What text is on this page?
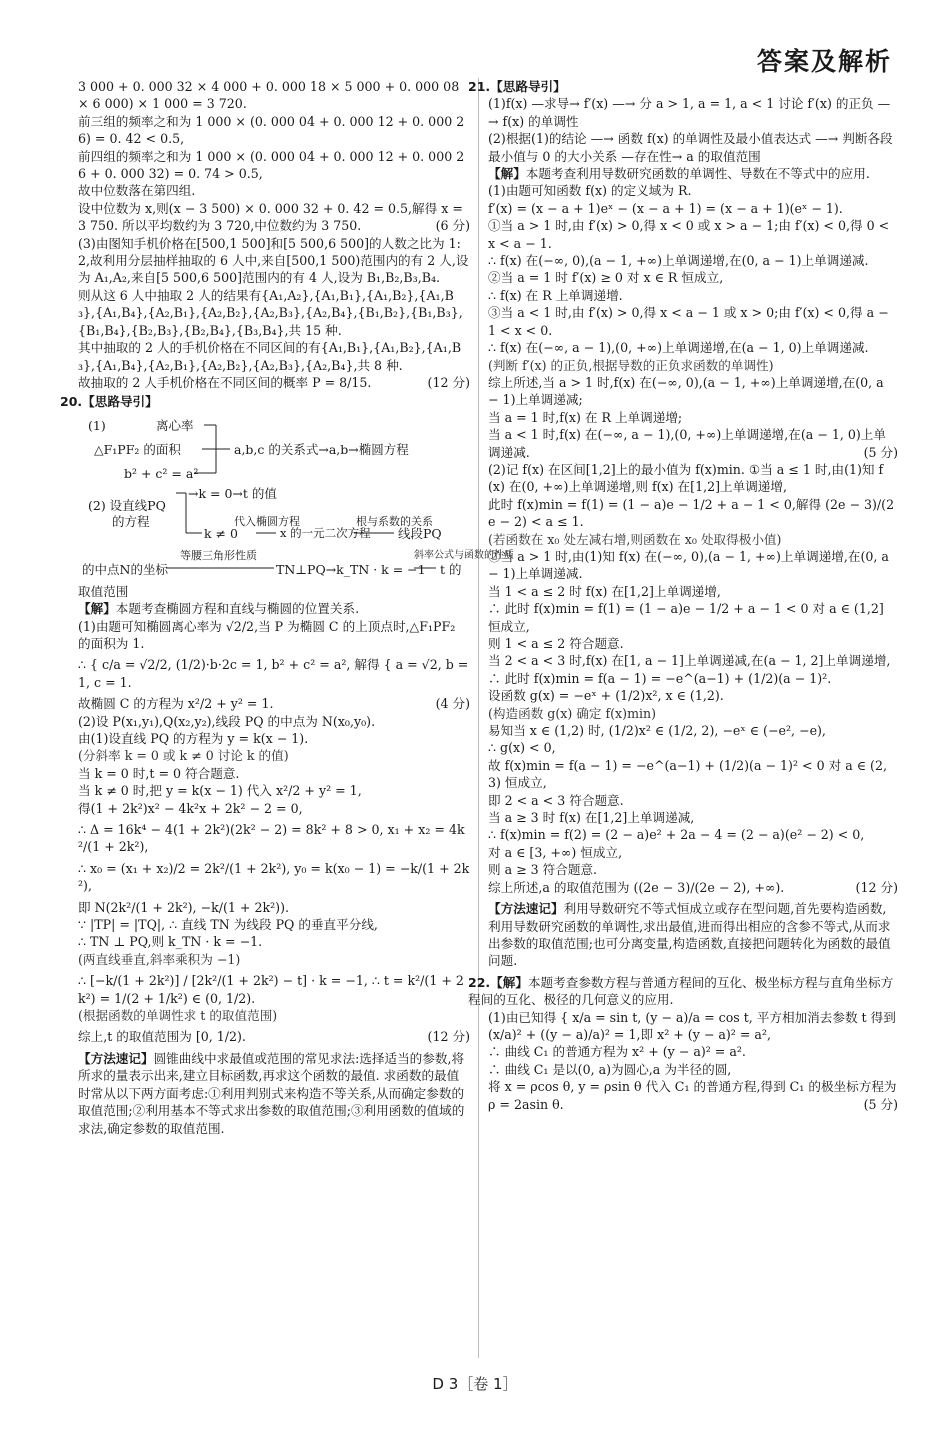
答案及解析

3 000 + 0. 000 32 × 4 000 + 0. 000 18 × 5 000 + 0. 000 08 × 6 000) × 1 000 = 3 720.

前三组的频率之和为 1 000 × (0. 000 04 + 0. 000 12 + 0. 000 26) = 0. 42 < 0.5,

前四组的频率之和为 1 000 × (0. 000 04 + 0. 000 12 + 0. 000 26 + 0. 000 32) = 0. 74 > 0.5,

故中位数落在第四组.

设中位数为 x,则(x − 3 500) × 0. 000 32 + 0. 42 = 0.5,解得 x = 3 750. 所以平均数约为 3 720,中位数约为 3 750.	(6 分)

(3)由图知手机价格在[500,1 500]和[5 500,6 500]的人数之比为 1:2,故利用分层抽样抽取的 6 人中,来自[500,1 500)范围内的有 2 人,设为 A₁,A₂,来自[5 500,6 500]范围内的有 4 人,设为 B₁,B₂,B₃,B₄.

则从这 6 人中抽取 2 人的结果有{A₁,A₂},{A₁,B₁},{A₁,B₂},{A₁,B₃},{A₁,B₄},{A₂,B₁},{A₂,B₂},{A₂,B₃},{A₂,B₄},{B₁,B₂},{B₁,B₃},{B₁,B₄},{B₂,B₃},{B₂,B₄},{B₃,B₄},共 15 种.

其中抽取的 2 人的手机价格在不同区间的有{A₁,B₁},{A₁,B₂},{A₁,B₃},{A₁,B₄},{A₂,B₁},{A₂,B₂},{A₂,B₃},{A₂,B₄},共 8 种.

故抽取的 2 人手机价格在不同区间的概率 P = 8/15.	(12 分)

20.【思路导引】

(1)	离心率
△F₁PF₂ 的面积	a,b,c 的关系式→a,b→椭圆方程
b² + c² = a²
→k = 0→t 的值
(2) 设直线PQ
的方程
k ≠ 0
代入椭圆方程
x 的一元二次方程
根与系数的关系
线段PQ
的中点N的坐标
等腰三角形性质
TN⊥PQ→k_TN · k = −1
斜率公式与函数的性质
t 的

取值范围

【解】本题考查椭圆方程和直线与椭圆的位置关系.

(1)由题可知椭圆离心率为 √2/2,当 P 为椭圆 C 的上顶点时,△F₁PF₂ 的面积为 1.

∴ { c/a = √2/2, (1/2)·b·2c = 1, b² + c² = a², 解得 { a = √2, b = 1, c = 1.

故椭圆 C 的方程为 x²/2 + y² = 1.	(4 分)

(2)设 P(x₁,y₁),Q(x₂,y₂),线段 PQ 的中点为 N(x₀,y₀).

由(1)设直线 PQ 的方程为 y = k(x − 1).

(分斜率 k = 0 或 k ≠ 0 讨论 k 的值)

当 k = 0 时,t = 0 符合题意.

当 k ≠ 0 时,把 y = k(x − 1) 代入 x²/2 + y² = 1,

得(1 + 2k²)x² − 4k²x + 2k² − 2 = 0,

∴ Δ = 16k⁴ − 4(1 + 2k²)(2k² − 2) = 8k² + 8 > 0, x₁ + x₂ = 4k²/(1 + 2k²),

∴ x₀ = (x₁ + x₂)/2 = 2k²/(1 + 2k²), y₀ = k(x₀ − 1) = −k/(1 + 2k²),

即 N(2k²/(1 + 2k²), −k/(1 + 2k²)).

∵ |TP| = |TQ|, ∴ 直线 TN 为线段 PQ 的垂直平分线,

∴ TN ⊥ PQ,则 k_TN · k = −1.

(两直线垂直,斜率乘积为 −1)

∴ [−k/(1 + 2k²)] / [2k²/(1 + 2k²) − t] · k = −1, ∴ t = k²/(1 + 2k²) = 1/(2 + 1/k²) ∈ (0, 1/2).

(根据函数的单调性求 t 的取值范围)

综上,t 的取值范围为 [0, 1/2).	(12 分)

【方法速记】圆锥曲线中求最值或范围的常见求法:选择适当的参数,将所求的量表示出来,建立目标函数,再求这个函数的最值. 求函数的最值时常从以下两方面考虑:①利用判别式来构造不等关系,从而确定参数的取值范围;②利用基本不等式求出参数的取值范围;③利用函数的值域的求法,确定参数的取值范围.

21.【思路导引】

(1)f(x) —求导→ f′(x) —→ 分 a > 1, a = 1, a < 1 讨论 f′(x) 的正负 —→ f(x) 的单调性

(2)根据(1)的结论 —→ 函数 f(x) 的单调性及最小值表达式 —→ 判断各段最小值与 0 的大小关系 —存在性→ a 的取值范围

【解】本题考查利用导数研究函数的单调性、导数在不等式中的应用.

(1)由题可知函数 f(x) 的定义域为 R.

f′(x) = (x − a + 1)eˣ − (x − a + 1) = (x − a + 1)(eˣ − 1).

①当 a > 1 时,由 f′(x) > 0,得 x < 0 或 x > a − 1;由 f′(x) < 0,得 0 < x < a − 1.

∴ f(x) 在(−∞, 0),(a − 1, +∞)上单调递增,在(0, a − 1)上单调递减.

②当 a = 1 时 f′(x) ≥ 0 对 x ∈ R 恒成立,

∴ f(x) 在 R 上单调递增.

③当 a < 1 时,由 f′(x) > 0,得 x < a − 1 或 x > 0;由 f′(x) < 0,得 a − 1 < x < 0.

∴ f(x) 在(−∞, a − 1),(0, +∞)上单调递增,在(a − 1, 0)上单调递减.

(判断 f′(x) 的正负,根据导数的正负求函数的单调性)

综上所述,当 a > 1 时,f(x) 在(−∞, 0),(a − 1, +∞)上单调递增,在(0, a − 1)上单调递减;

当 a = 1 时,f(x) 在 R 上单调递增;

当 a < 1 时,f(x) 在(−∞, a − 1),(0, +∞)上单调递增,在(a − 1, 0)上单调递减.	(5 分)

(2)记 f(x) 在区间[1,2]上的最小值为 f(x)min. ①当 a ≤ 1 时,由(1)知 f(x) 在(0, +∞)上单调递增,则 f(x) 在[1,2]上单调递增,

此时 f(x)min = f(1) = (1 − a)e − 1/2 + a − 1 < 0,解得 (2e − 3)/(2e − 2) < a ≤ 1.

(若函数在 x₀ 处左减右增,则函数在 x₀ 处取得极小值)

②当 a > 1 时,由(1)知 f(x) 在(−∞, 0),(a − 1, +∞)上单调递增,在(0, a − 1)上单调递减.

当 1 < a ≤ 2 时 f(x) 在[1,2]上单调递增,

∴ 此时 f(x)min = f(1) = (1 − a)e − 1/2 + a − 1 < 0 对 a ∈ (1,2] 恒成立,

则 1 < a ≤ 2 符合题意.

当 2 < a < 3 时,f(x) 在[1, a − 1]上单调递减,在(a − 1, 2]上单调递增,

∴ 此时 f(x)min = f(a − 1) = −e^(a−1) + (1/2)(a − 1)².

设函数 g(x) = −eˣ + (1/2)x², x ∈ (1,2).

(构造函数 g(x) 确定 f(x)min)

易知当 x ∈ (1,2) 时, (1/2)x² ∈ (1/2, 2), −eˣ ∈ (−e², −e),

∴ g(x) < 0,

故 f(x)min = f(a − 1) = −e^(a−1) + (1/2)(a − 1)² < 0 对 a ∈ (2,3) 恒成立,

即 2 < a < 3 符合题意.

当 a ≥ 3 时 f(x) 在[1,2]上单调递减,

∴ f(x)min = f(2) = (2 − a)e² + 2a − 4 = (2 − a)(e² − 2) < 0,

对 a ∈ [3, +∞) 恒成立,

则 a ≥ 3 符合题意.

综上所述,a 的取值范围为 ((2e − 3)/(2e − 2), +∞).	(12 分)

【方法速记】利用导数研究不等式恒成立或存在型问题,首先要构造函数,利用导数研究函数的单调性,求出最值,进而得出相应的含参不等式,从而求出参数的取值范围;也可分离变量,构造函数,直接把问题转化为函数的最值问题.

22.【解】本题考查参数方程与普通方程间的互化、极坐标方程与直角坐标方程间的互化、极径的几何意义的应用.

(1)由已知得 { x/a = sin t, (y − a)/a = cos t, 平方相加消去参数 t 得到 (x/a)² + ((y − a)/a)² = 1,即 x² + (y − a)² = a²,

∴ 曲线 C₁ 的普通方程为 x² + (y − a)² = a².

∴ 曲线 C₁ 是以(0, a)为圆心,a 为半径的圆,

将 x = ρcos θ, y = ρsin θ 代入 C₁ 的普通方程,得到 C₁ 的极坐标方程为 ρ = 2asin θ.	(5 分)

D 3［卷 1］
